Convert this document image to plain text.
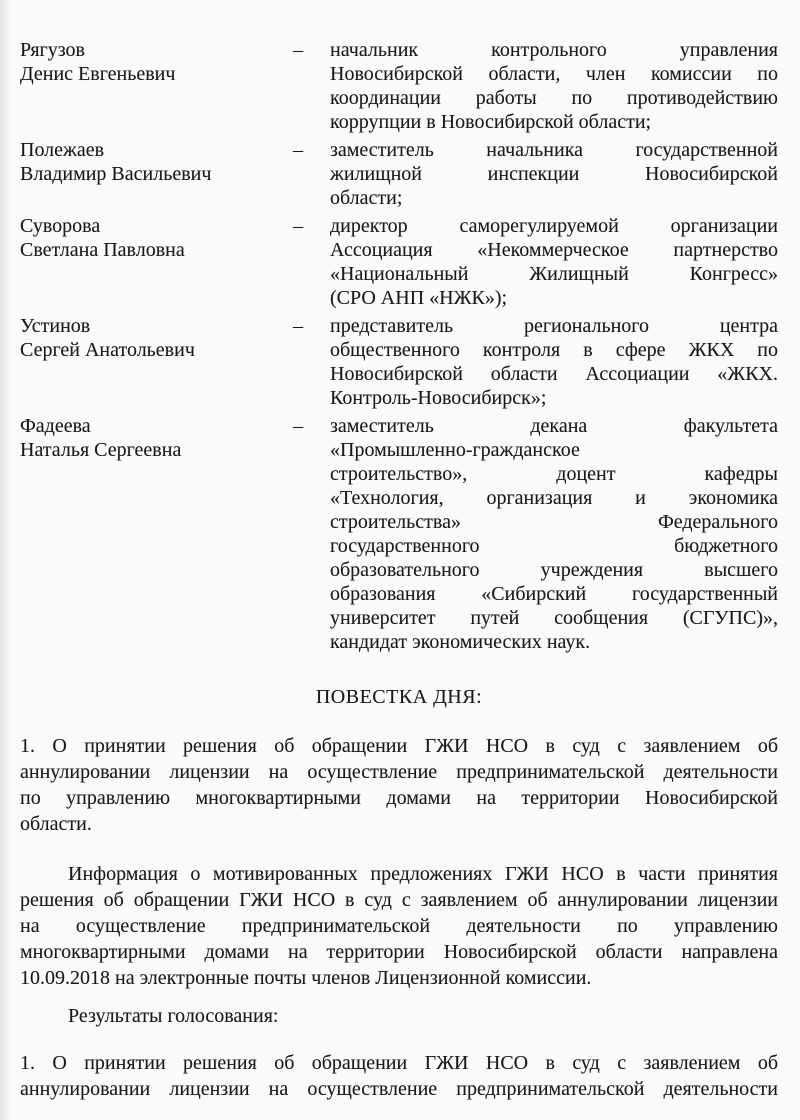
Рягузов
Денис Евгеньевич
–	начальник контрольного управления
Новосибирской области, член комиссии по
координации работы по противодействию
коррупции в Новосибирской области;
Полежаев
Владимир Васильевич
–	заместитель начальника государственной
жилищной инспекции Новосибирской
области;
Суворова
Светлана Павловна
–	директор саморегулируемой организации
Ассоциация «Некоммерческое партнерство
«Национальный Жилищный Конгресс»
(СРО АНП «НЖК»);
Устинов
Сергей Анатольевич
–	представитель регионального центра
общественного контроля в сфере ЖКХ по
Новосибирской области Ассоциации «ЖКХ.
Контроль-Новосибирск»;
Фадеева
Наталья Сергеевна
–	заместитель декана факультета
«Промышленно-гражданское
строительство», доцент кафедры
«Технология, организация и экономика
строительства» Федерального
государственного бюджетного
образовательного учреждения высшего
образования «Сибирский государственный
университет путей сообщения (СГУПС)»,
кандидат экономических наук.
ПОВЕСТКА ДНЯ:
1. О принятии решения об обращении ГЖИ НСО в суд с заявлением об
аннулировании лицензии на осуществление предпринимательской деятельности
по управлению многоквартирными домами на территории Новосибирской
области.
Информация о мотивированных предложениях ГЖИ НСО в части принятия
решения об обращении ГЖИ НСО в суд с заявлением об аннулировании лицензии
на осуществление предпринимательской деятельности по управлению
многоквартирными домами на территории Новосибирской области направлена
10.09.2018 на электронные почты членов Лицензионной комиссии.
Результаты голосования:
1. О принятии решения об обращении ГЖИ НСО в суд с заявлением об
аннулировании лицензии на осуществление предпринимательской деятельности
